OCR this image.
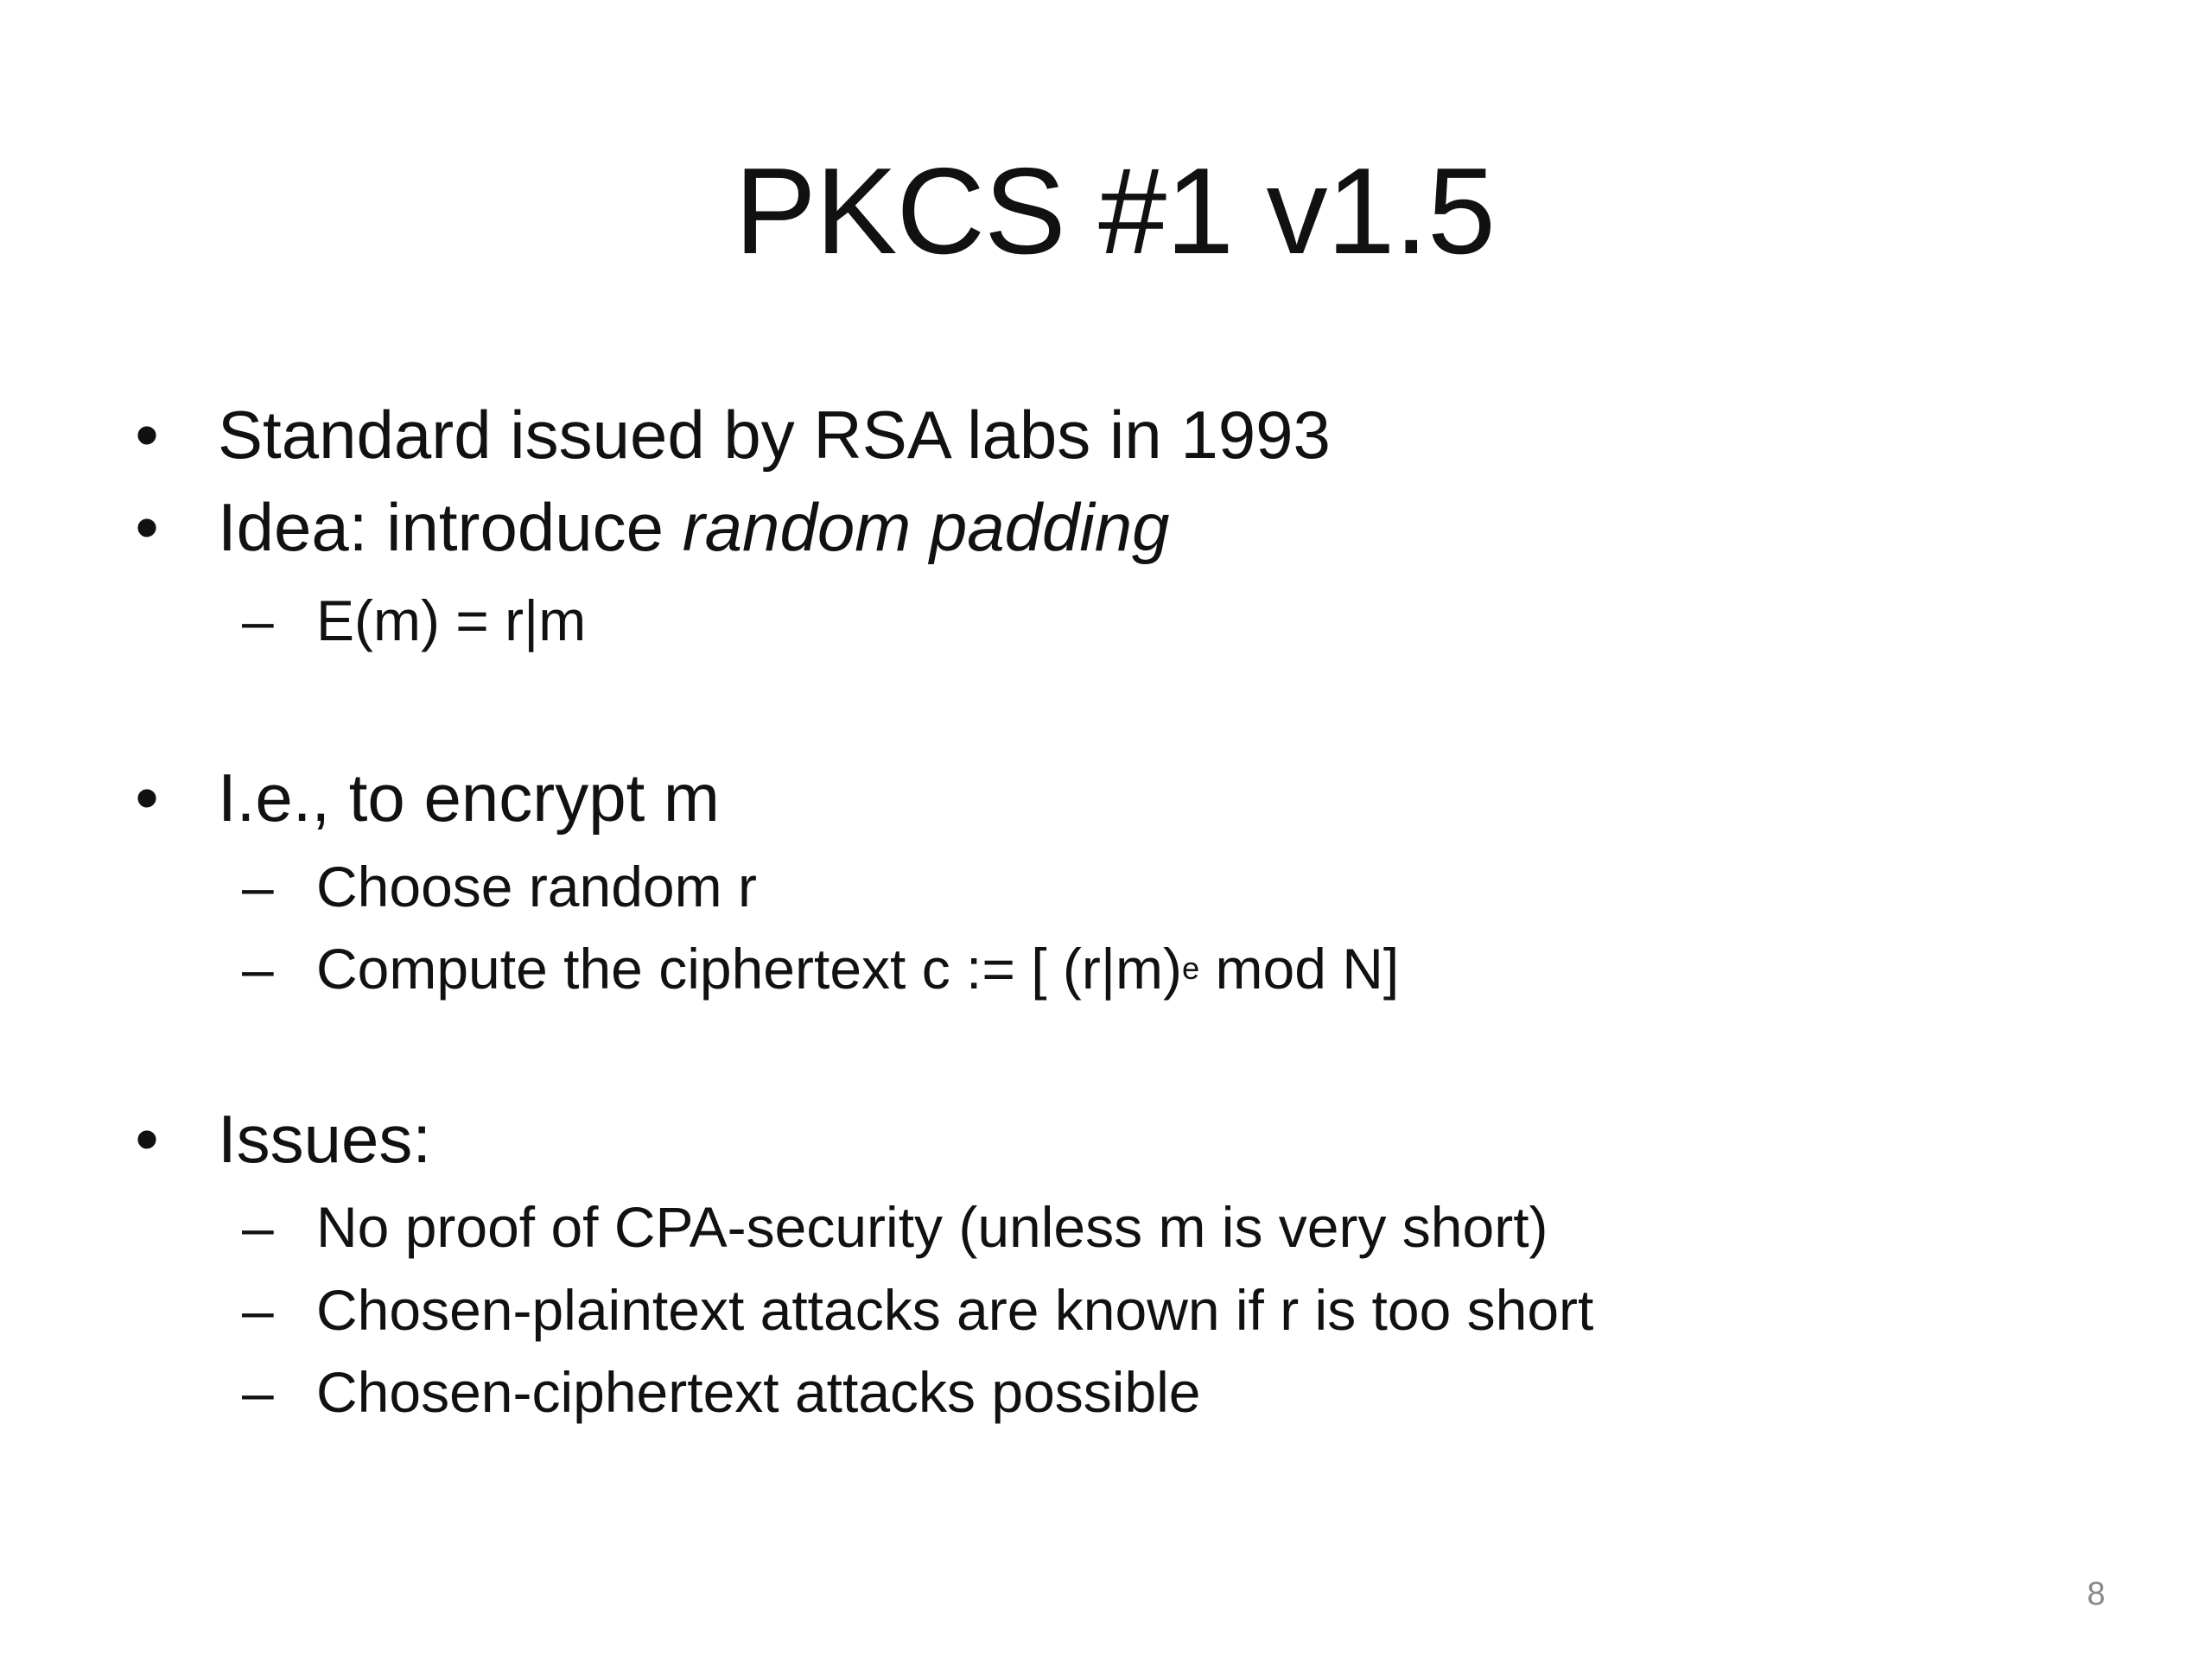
PKCS #1 v1.5
• Standard issued by RSA labs in 1993
• Idea: introduce random padding
– E(m) = r|m
• I.e., to encrypt m
– Choose random r
– Compute the ciphertext c := [ $(r|m)^e$ mod N]
• Issues:
– No proof of CPA-security (unless m is very short)
– Chosen-plaintext attacks are known if r is too short
– Chosen-ciphertext attacks possible
8
